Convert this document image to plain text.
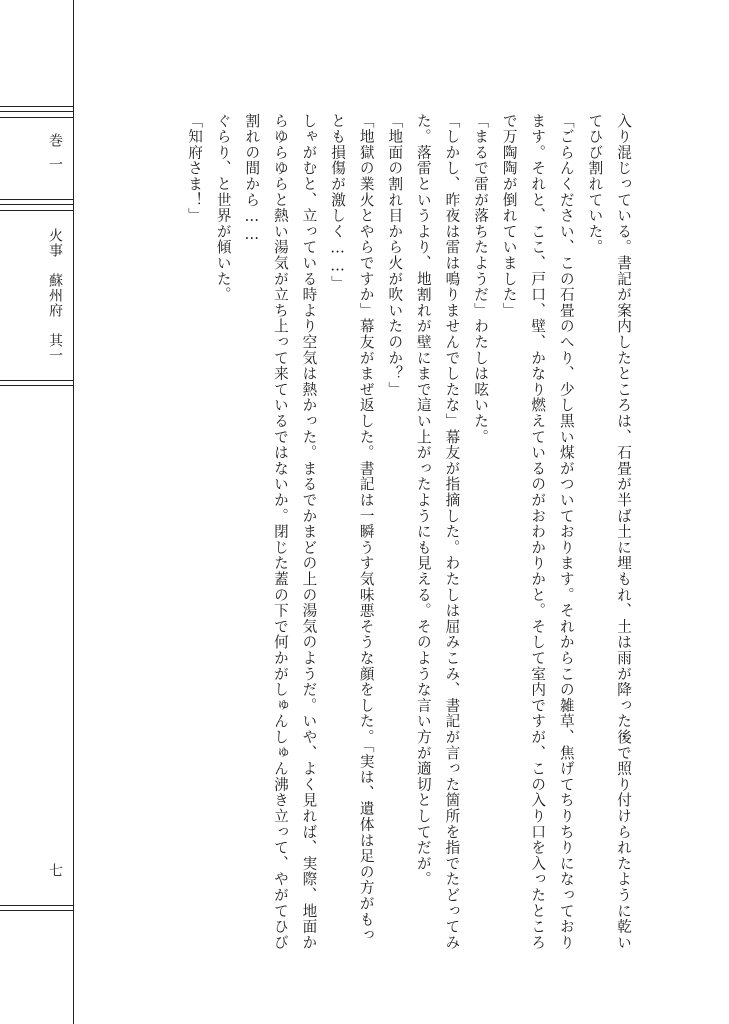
巻一
火事　蘇州府　其一
七	入り混じっている。書記が案内したところは、石畳が半ば土に埋もれ、土は雨が降った後で照り付けられたように乾いてひび割れていた。

「ごらんください、この石畳のへり、少し黒い煤がついております。それからこの雑草、焦げてちりちりになっております。それと、ここ、戸口、壁、かなり燃えているのがおわかりかと。そして室内ですが、この入り口を入ったところで万陶陶が倒れていました」

「まるで雷が落ちたようだ」わたしは呟いた。

「しかし、昨夜は雷は鳴りませんでしたな」幕友が指摘した。わたしは屈みこみ、書記が言った箇所を指でたどってみた。落雷というより、地割れが壁にまで這い上がったようにも見える。そのような言い方が適切としてだが。

「地面の割れ目から火が吹いたのか？」

「地獄の業火とやらですか」幕友がまぜ返した。書記は一瞬うす気味悪そうな顔をした。「実は、遺体は足の方がもっとも損傷が激しく……」

しゃがむと、立っている時より空気は熱かった。まるでかまどの上の湯気のようだ。いや、よく見れば、実際、地面からゆらゆらと熱い湯気が立ち上って来ているではないか。閉じた蓋の下で何かがしゅんしゅん沸き立って、やがてひび割れの間から……

ぐらり、と世界が傾いた。

「知府さま！」
